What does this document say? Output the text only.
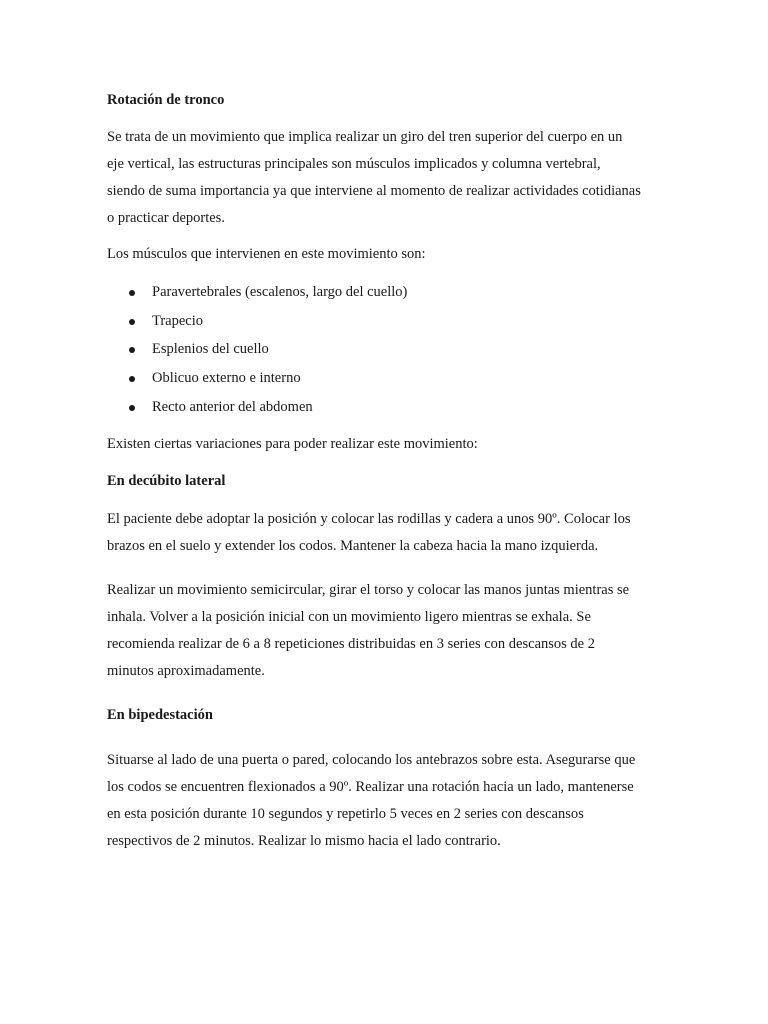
Rotación de tronco

Se trata de un movimiento que implica realizar un giro del tren superior del cuerpo en un
eje vertical, las estructuras principales son músculos implicados y columna vertebral,
siendo de suma importancia ya que interviene al momento de realizar actividades cotidianas
o practicar deportes.

Los músculos que intervienen en este movimiento son:

Paravertebrales (escalenos, largo del cuello)
Trapecio
Esplenios del cuello
Oblicuo externo e interno
Recto anterior del abdomen

Existen ciertas variaciones para poder realizar este movimiento:

En decúbito lateral

El paciente debe adoptar la posición y colocar las rodillas y cadera a unos 90º. Colocar los
brazos en el suelo y extender los codos. Mantener la cabeza hacia la mano izquierda.

Realizar un movimiento semicircular, girar el torso y colocar las manos juntas mientras se
inhala. Volver a la posición inicial con un movimiento ligero mientras se exhala. Se
recomienda realizar de 6 a 8 repeticiones distribuidas en 3 series con descansos de 2
minutos aproximadamente.

En bipedestación

Situarse al lado de una puerta o pared, colocando los antebrazos sobre esta. Asegurarse que
los codos se encuentren flexionados a 90º. Realizar una rotación hacia un lado, mantenerse
en esta posición durante 10 segundos y repetirlo 5 veces en 2 series con descansos
respectivos de 2 minutos. Realizar lo mismo hacia el lado contrario.
